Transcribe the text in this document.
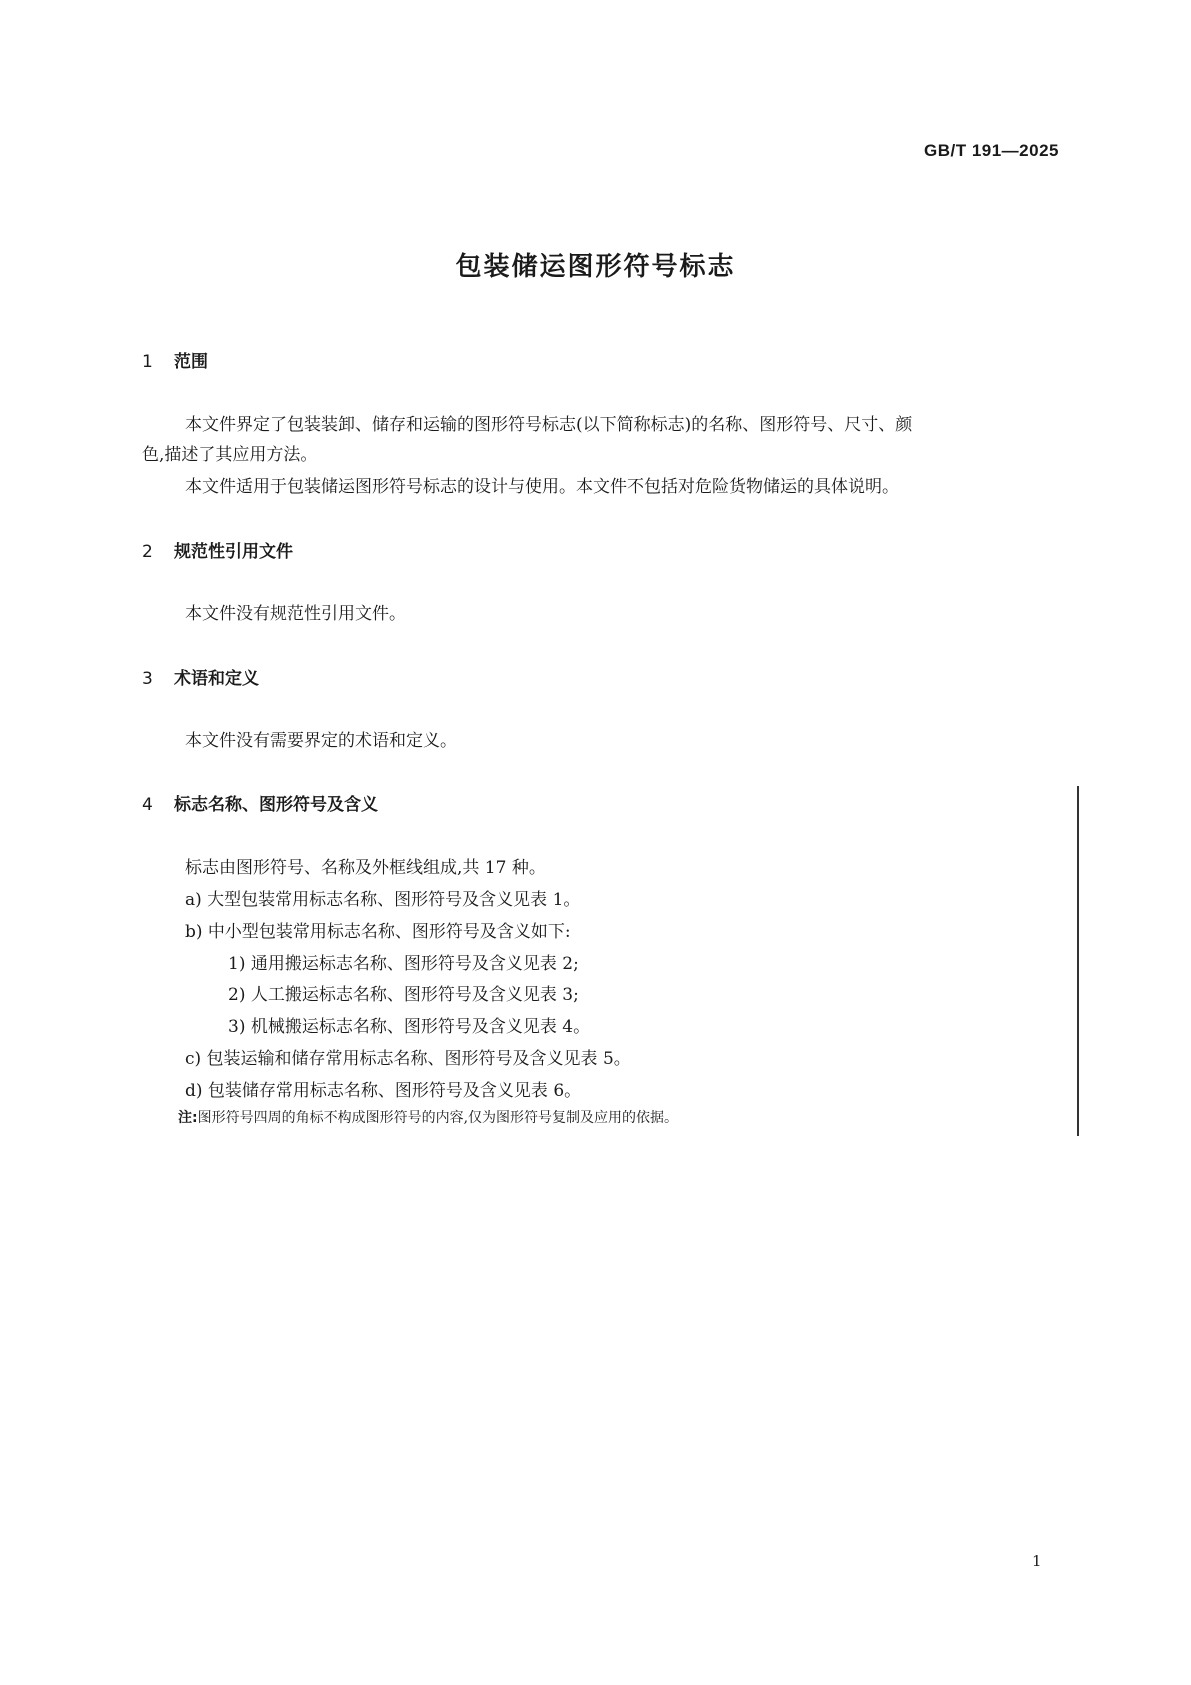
GB/T 191—2025
包装储运图形符号标志
1 范围
本文件界定了包装装卸、储存和运输的图形符号标志(以下简称标志)的名称、图形符号、尺寸、颜
色,描述了其应用方法。
本文件适用于包装储运图形符号标志的设计与使用。本文件不包括对危险货物储运的具体说明。
2 规范性引用文件
本文件没有规范性引用文件。
3 术语和定义
本文件没有需要界定的术语和定义。
4 标志名称、图形符号及含义
标志由图形符号、名称及外框线组成,共 17 种。
a) 大型包装常用标志名称、图形符号及含义见表 1。
b) 中小型包装常用标志名称、图形符号及含义如下:
1) 通用搬运标志名称、图形符号及含义见表 2;
2) 人工搬运标志名称、图形符号及含义见表 3;
3) 机械搬运标志名称、图形符号及含义见表 4。
c) 包装运输和储存常用标志名称、图形符号及含义见表 5。
d) 包装储存常用标志名称、图形符号及含义见表 6。
注:图形符号四周的角标不构成图形符号的内容,仅为图形符号复制及应用的依据。
1
